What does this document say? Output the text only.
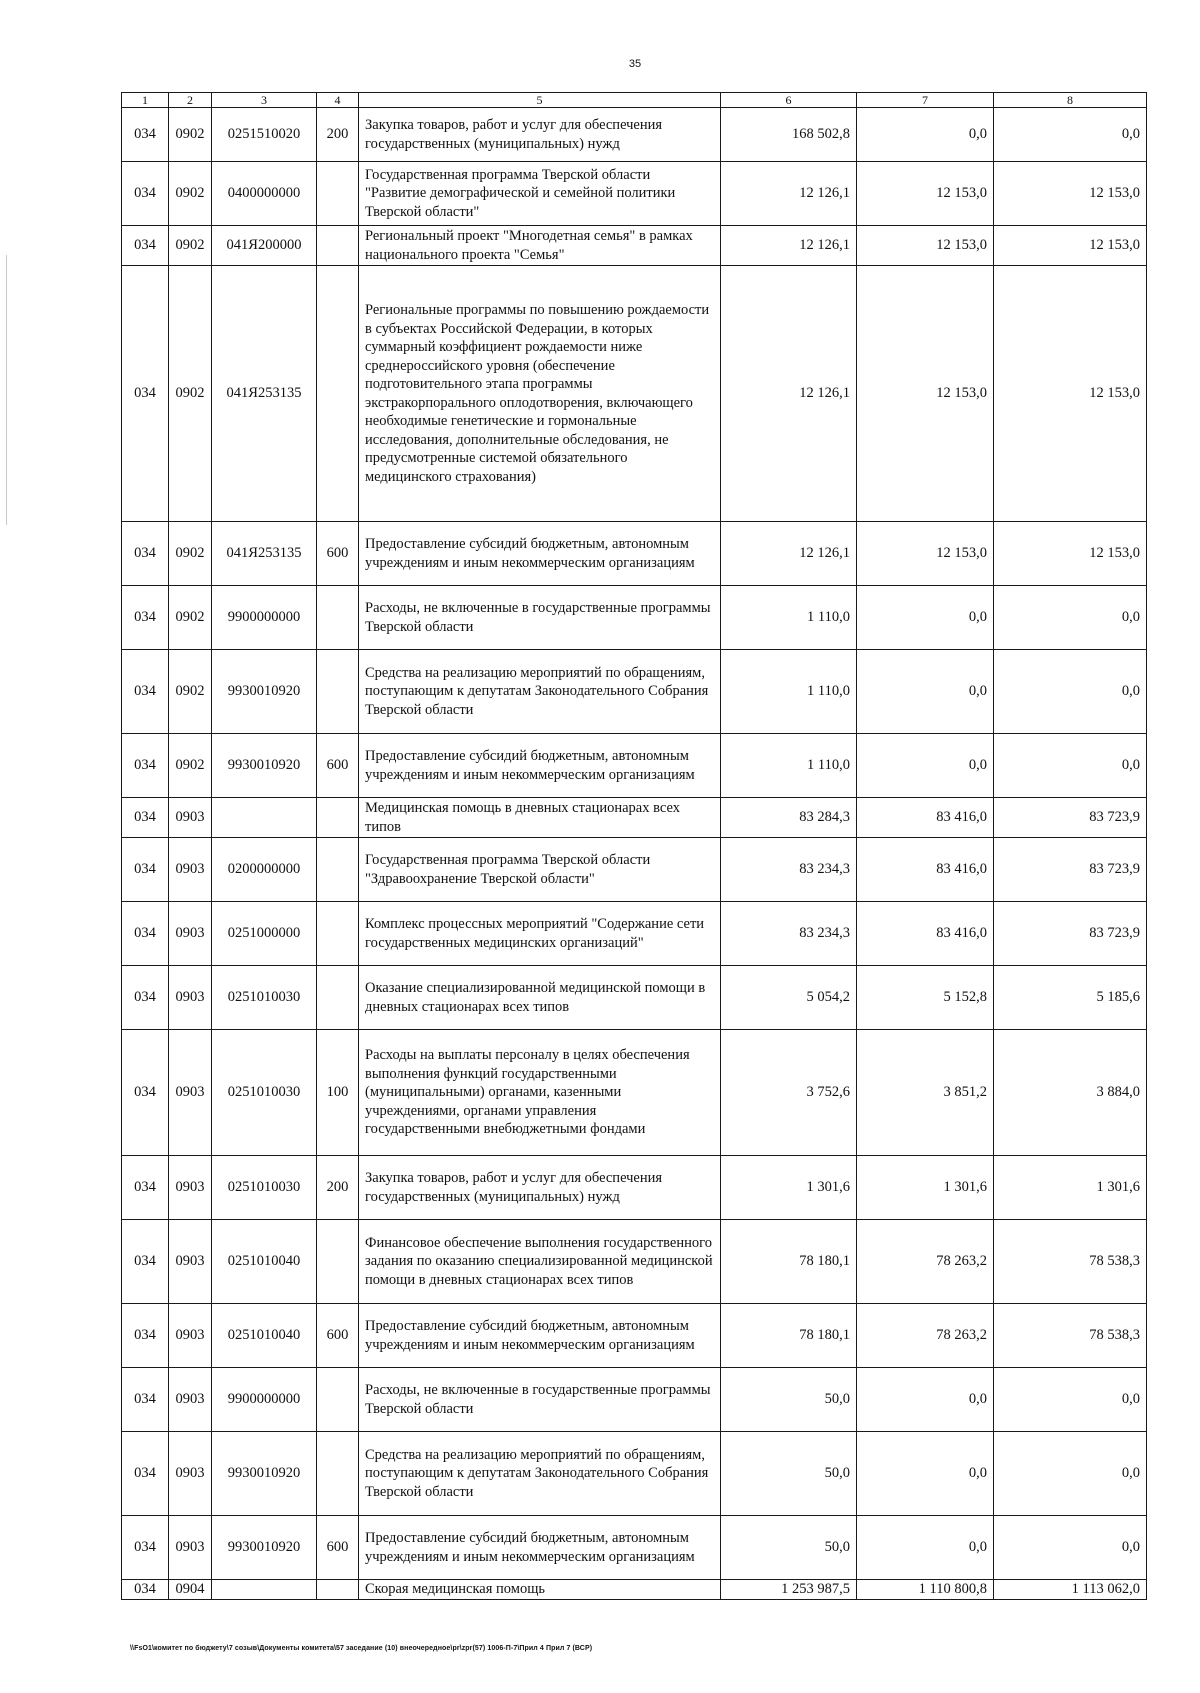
35
1	2	3	4	5	6	7	8
034	0902	0251510020	200	Закупка товаров, работ и услуг для обеспечения государственных (муниципальных) нужд	168 502,8	0,0	0,0
034	0902	0400000000		Государственная программа Тверской области "Развитие демографической и семейной политики Тверской области"	12 126,1	12 153,0	12 153,0
034	0902	041Я200000		Региональный проект "Многодетная семья" в рамках национального проекта "Семья"	12 126,1	12 153,0	12 153,0
034	0902	041Я253135		Региональные программы по повышению рождаемости в субъектах Российской Федерации, в которых суммарный коэффициент рождаемости ниже среднероссийского уровня (обеспечение подготовительного этапа программы экстракорпорального оплодотворения, включающего необходимые генетические и гормональные исследования, дополнительные обследования, не предусмотренные системой обязательного медицинского страхования)	12 126,1	12 153,0	12 153,0
034	0902	041Я253135	600	Предоставление субсидий бюджетным, автономным учреждениям и иным некоммерческим организациям	12 126,1	12 153,0	12 153,0
034	0902	9900000000		Расходы, не включенные в государственные программы Тверской области	1 110,0	0,0	0,0
034	0902	9930010920		Средства на реализацию мероприятий по обращениям, поступающим к депутатам Законодательного Собрания Тверской области	1 110,0	0,0	0,0
034	0902	9930010920	600	Предоставление субсидий бюджетным, автономным учреждениям и иным некоммерческим организациям	1 110,0	0,0	0,0
034	0903			Медицинская помощь в дневных стационарах всех типов	83 284,3	83 416,0	83 723,9
034	0903	0200000000		Государственная программа Тверской области "Здравоохранение Тверской области"	83 234,3	83 416,0	83 723,9
034	0903	0251000000		Комплекс процессных мероприятий "Содержание сети государственных медицинских организаций"	83 234,3	83 416,0	83 723,9
034	0903	0251010030		Оказание специализированной медицинской помощи в дневных стационарах всех типов	5 054,2	5 152,8	5 185,6
034	0903	0251010030	100	Расходы на выплаты персоналу в целях обеспечения выполнения функций государственными (муниципальными) органами, казенными учреждениями, органами управления государственными внебюджетными фондами	3 752,6	3 851,2	3 884,0
034	0903	0251010030	200	Закупка товаров, работ и услуг для обеспечения государственных (муниципальных) нужд	1 301,6	1 301,6	1 301,6
034	0903	0251010040		Финансовое обеспечение выполнения государственного задания по оказанию специализированной медицинской помощи в дневных стационарах всех типов	78 180,1	78 263,2	78 538,3
034	0903	0251010040	600	Предоставление субсидий бюджетным, автономным учреждениям и иным некоммерческим организациям	78 180,1	78 263,2	78 538,3
034	0903	9900000000		Расходы, не включенные в государственные программы Тверской области	50,0	0,0	0,0
034	0903	9930010920		Средства на реализацию мероприятий по обращениям, поступающим к депутатам Законодательного Собрания Тверской области	50,0	0,0	0,0
034	0903	9930010920	600	Предоставление субсидий бюджетным, автономным учреждениям и иным некоммерческим организациям	50,0	0,0	0,0
034	0904			Скорая медицинская помощь	1 253 987,5	1 110 800,8	1 113 062,0
\\FsO1\комитет по бюджету\7 созыв\Документы комитета\57 заседание (10) внеочередное\pr\zpr(57) 1006-П-7\Прил 4 Прил 7 (ВСР)
